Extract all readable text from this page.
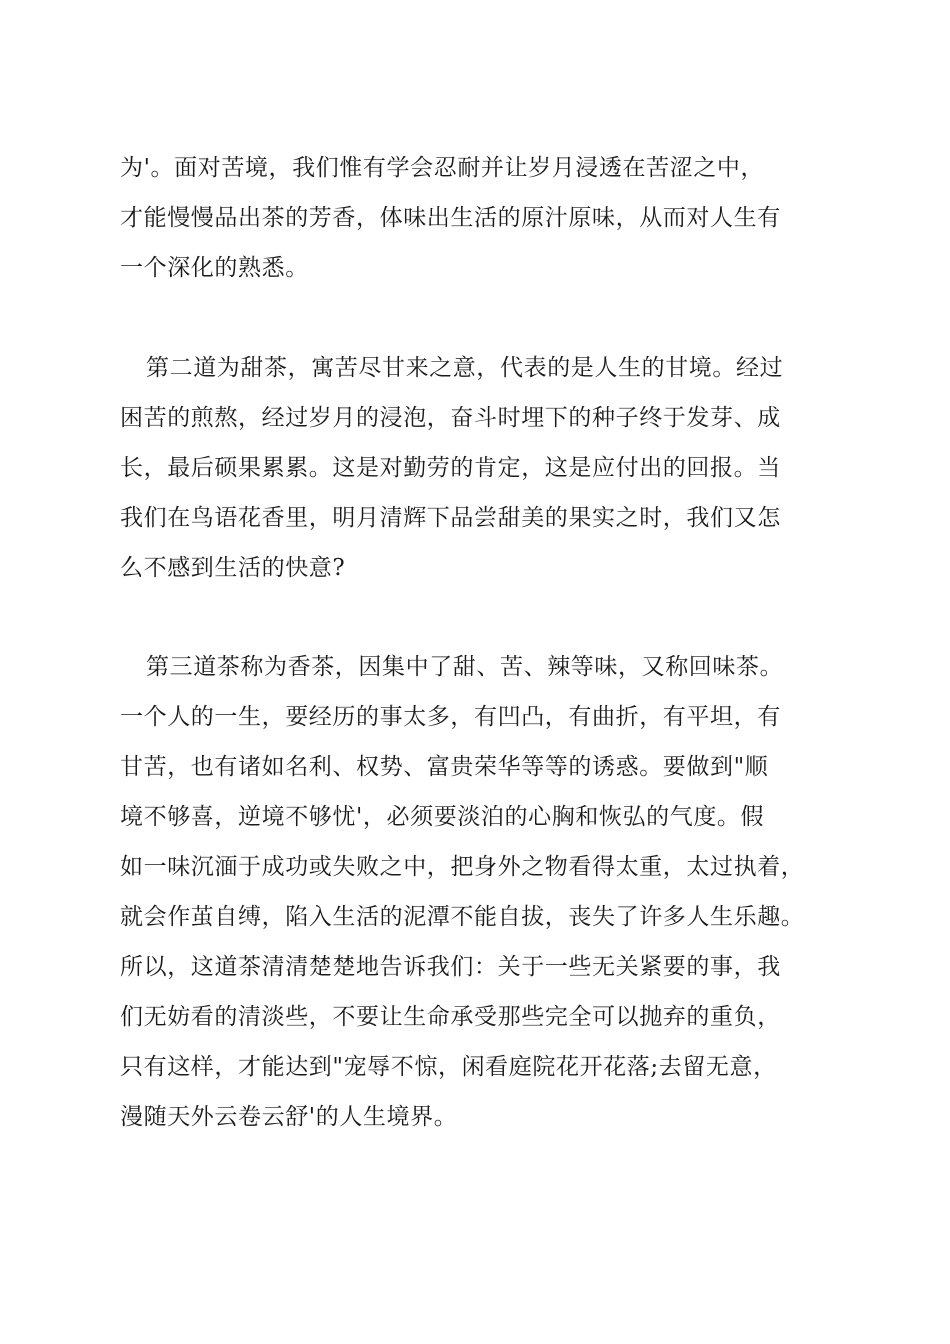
为'。面对苦境，我们惟有学会忍耐并让岁月浸透在苦涩之中，
才能慢慢品出茶的芳香，体味出生活的原汁原味，从而对人生有
一个深化的熟悉。
第二道为甜茶，寓苦尽甘来之意，代表的是人生的甘境。经过
困苦的煎熬，经过岁月的浸泡，奋斗时埋下的种子终于发芽、成
长，最后硕果累累。这是对勤劳的肯定，这是应付出的回报。当
我们在鸟语花香里，明月清辉下品尝甜美的果实之时，我们又怎
么不感到生活的快意?
第三道茶称为香茶，因集中了甜、苦、辣等味，又称回味茶。
一个人的一生，要经历的事太多，有凹凸，有曲折，有平坦，有
甘苦，也有诸如名利、权势、富贵荣华等等的诱惑。要做到"顺
境不够喜，逆境不够忧'，必须要淡泊的心胸和恢弘的气度。假
如一味沉湎于成功或失败之中，把身外之物看得太重，太过执着，
就会作茧自缚，陷入生活的泥潭不能自拔，丧失了许多人生乐趣。
所以，这道茶清清楚楚地告诉我们：关于一些无关紧要的事，我
们无妨看的清淡些，不要让生命承受那些完全可以抛弃的重负，
只有这样，才能达到"宠辱不惊，闲看庭院花开花落;去留无意，
漫随天外云卷云舒'的人生境界。
